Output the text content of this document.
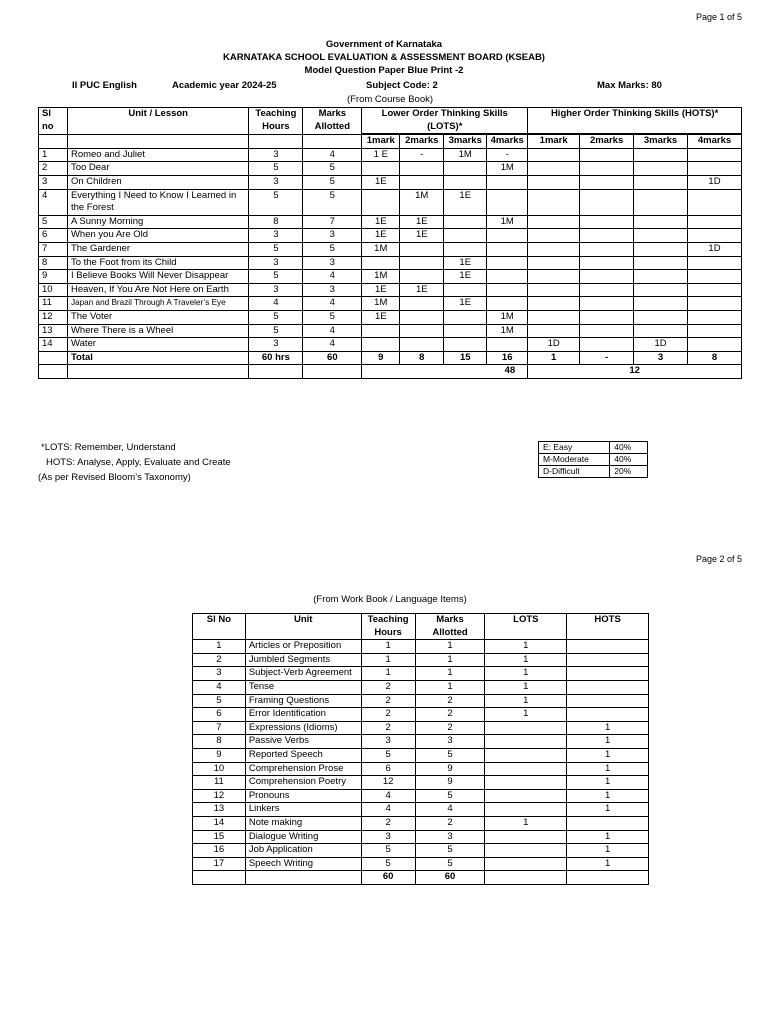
Page 1 of 5
Government of Karnataka
KARNATAKA SCHOOL EVALUATION & ASSESSMENT BOARD (KSEAB)
Model Question Paper Blue Print -2
II PUC English	Academic year 2024-25	Subject Code: 2	Max Marks: 80
(From Course Book)
Sl no	Unit / Lesson	Teaching Hours	Marks Allotted	Lower Order Thinking Skills (LOTS)*				Higher Order Thinking Skills (HOTS)*			

				1mark	2marks	3marks	4marks	1mark	2marks	3marks	4marks
1	Romeo and Juliet	3	4	1 E	-	1M	-				
2	Too Dear	5	5				1M				
3	On Children	3	5	1E							1D
4	Everything I Need to Know I Learned in the Forest	5	5		1M	1E					
5	A Sunny Morning	8	7	1E	1E		1M				
6	When you Are Old	3	3	1E	1E						
7	The Gardener	5	5	1M							1D
8	To the Foot from its Child	3	3			1E					
9	I Believe Books Will Never Disappear	5	4	1M		1E					
10	Heaven, If You Are Not Here on Earth	3	3	1E	1E						
11	Japan and Brazil Through A Traveler’s Eye	4	4	1M		1E					
12	The Voter	5	5	1E			1M				
13	Where There is a Wheel	5	4				1M				
14	Water	3	4					1D		1D	
	Total	60 hrs	60	9	8	15	16	1	-	3	8
				48				12			
*LOTS: Remember, Understand
HOTS: Analyse, Apply, Evaluate and Create
(As per Revised Bloom’s Taxonomy)
E: Easy	40%
M-Moderate	40%
D-Difficult	20%
Page 2 of 5
(From Work Book / Language Items)
Sl No	Unit	Teaching Hours	Marks Allotted	LOTS	HOTS
1	Articles or Preposition	1	1	1	
2	Jumbled Segments	1	1	1	
3	Subject-Verb Agreement	1	1	1	
4	Tense	2	1	1	
5	Framing Questions	2	2	1	
6	Error Identification	2	2	1	
7	Expressions (Idioms)	2	2		1
8	Passive Verbs	3	3		1
9	Reported Speech	5	5		1
10	Comprehension Prose	6	9		1
11	Comprehension Poetry	12	9		1
12	Pronouns	4	5		1
13	Linkers	4	4		1
14	Note making	2	2	1	
15	Dialogue Writing	3	3		1
16	Job Application	5	5		1
17	Speech Writing	5	5		1
		60	60		
